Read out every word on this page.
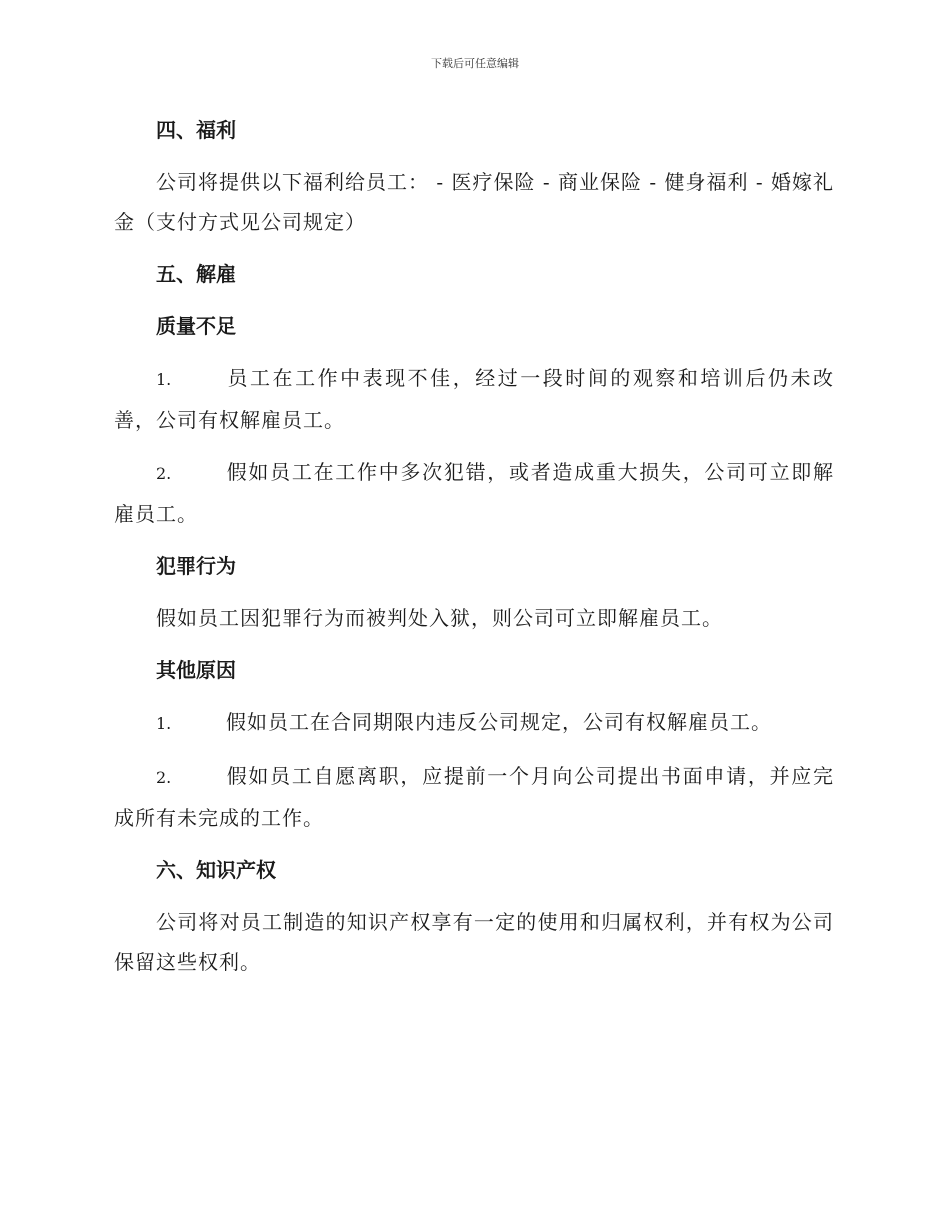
下载后可任意编辑
四、福利
公司将提供以下福利给员工： - 医疗保险 - 商业保险 - 健身福利 - 婚嫁礼金（支付方式见公司规定）
五、解雇
质量不足
1.	员工在工作中表现不佳，经过一段时间的观察和培训后仍未改善，公司有权解雇员工。
2.	假如员工在工作中多次犯错，或者造成重大损失，公司可立即解雇员工。
犯罪行为
假如员工因犯罪行为而被判处入狱，则公司可立即解雇员工。
其他原因
1.	假如员工在合同期限内违反公司规定，公司有权解雇员工。
2.	假如员工自愿离职，应提前一个月向公司提出书面申请，并应完成所有未完成的工作。
六、知识产权
公司将对员工制造的知识产权享有一定的使用和归属权利，并有权为公司保留这些权利。
